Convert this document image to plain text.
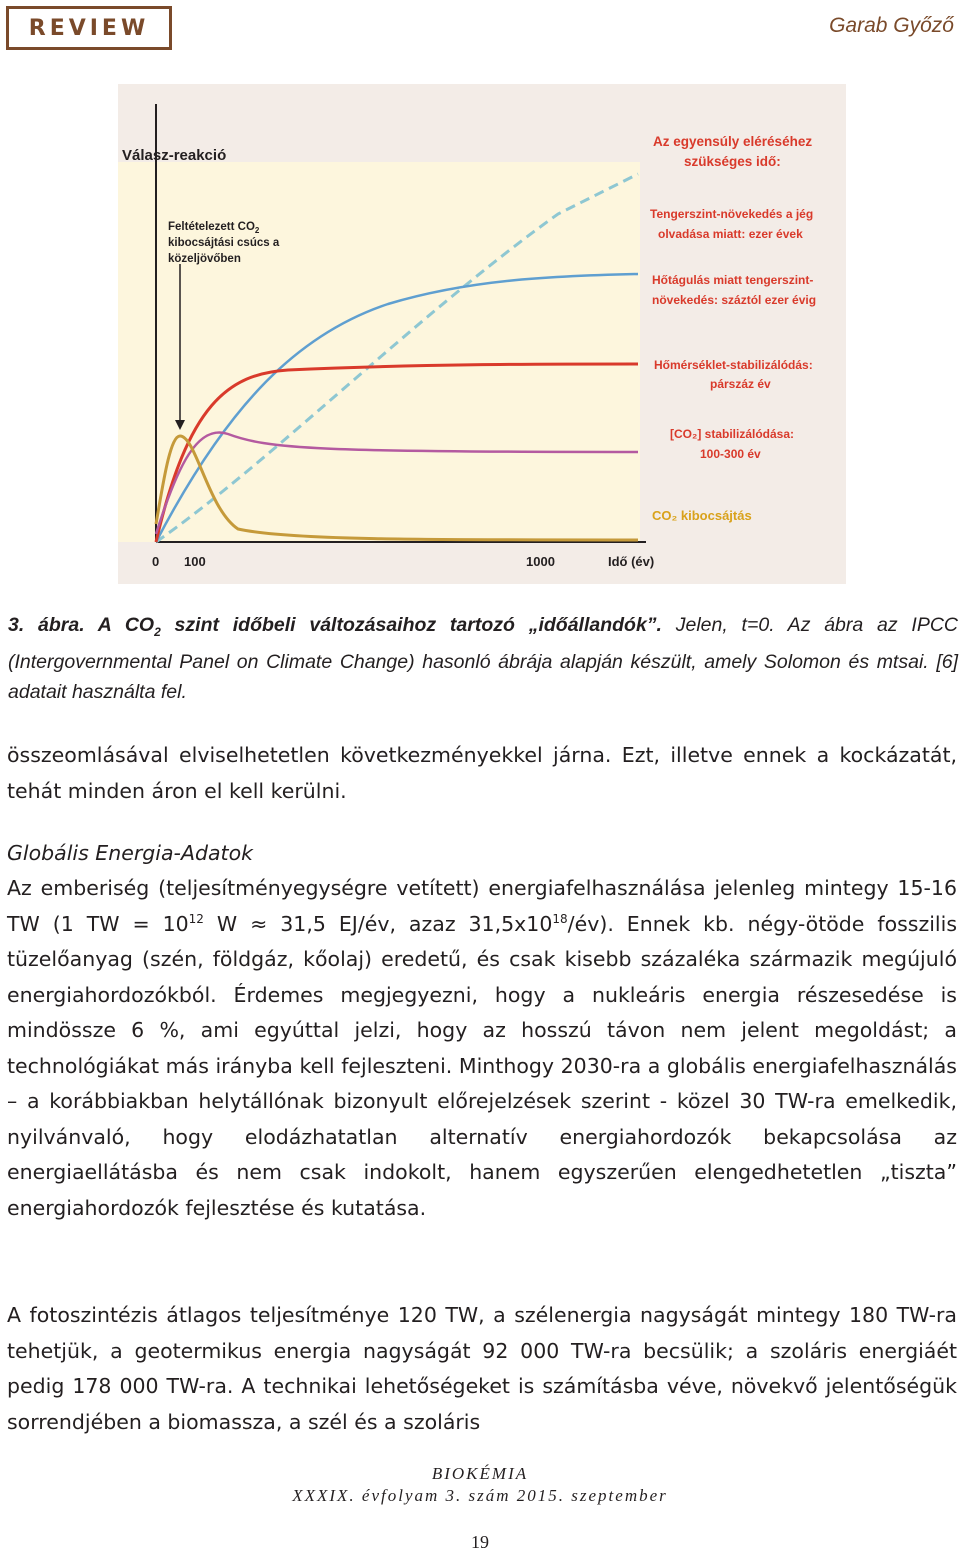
REVIEW	Garab Győző
Válasz-reakció
Az egyensúly eléréséhez
szükséges idő:
Feltételezett $CO_2$
kibocsájtási csúcs a
közeljövőben
Tengerszint-növekedés a jég
olvadása miatt: ezer évek
Hőtágulás miatt tengerszint-
növekedés: száztól ezer évig
Hőmérséklet-stabilizálódás:
párszáz év
[CO₂] stabilizálódása:
100-300 év
CO₂ kibocsájtás
0 100	1000	Idő (év)
3. ábra. A $CO_2$ szint időbeli változásaihoz tartozó „időállandók”. Jelen, t=0. Az ábra az IPCC (Intergovernmental Panel on Climate Change) hasonló ábrája alapján készült, amely Solomon és mtsai. [6] adatait használta fel.
összeomlásával elviselhetetlen következményekkel járna. Ezt, illetve ennek a kockázatát, tehát minden áron el kell kerülni.
Globális Energia-Adatok
Az emberiség (teljesítményegységre vetített) energiafelhasználása jelenleg mintegy 15-16 TW (1 TW = $10^{12}$ W ≈ 31,5 EJ/év, azaz $31,5x10^{18}/év$). Ennek kb. négy-ötöde fosszilis tüzelőanyag (szén, földgáz, kőolaj) eredetű, és csak kisebb százaléka származik megújuló energiahordozókból. Érdemes megjegyezni, hogy a nukleáris energia részesedése is mindössze 6 %, ami egyúttal jelzi, hogy az hosszú távon nem jelent megoldást; a technológiákat más irányba kell fejleszteni. Minthogy 2030-ra a globális energiafelhasználás – a korábbiakban helytállónak bizonyult előrejelzések szerint - közel 30 TW-ra emelkedik, nyilvánvaló, hogy elodázhatatlan alternatív energiahordozók bekapcsolása az energiaellátásba és nem csak indokolt, hanem egyszerűen elengedhetetlen „tiszta” energiahordozók fejlesztése és kutatása.
A fotoszintézis átlagos teljesítménye 120 TW, a szélenergia nagyságát mintegy 180 TW-ra tehetjük, a geotermikus energia nagyságát 92 000 TW-ra becsülik; a szoláris energiáét pedig 178 000 TW-ra. A technikai lehetőségeket is számításba véve, növekvő jelentőségük sorrendjében a biomassza, a szél és a szoláris
BIOKÉMIA
XXXIX. évfolyam 3. szám 2015. szeptember
19
